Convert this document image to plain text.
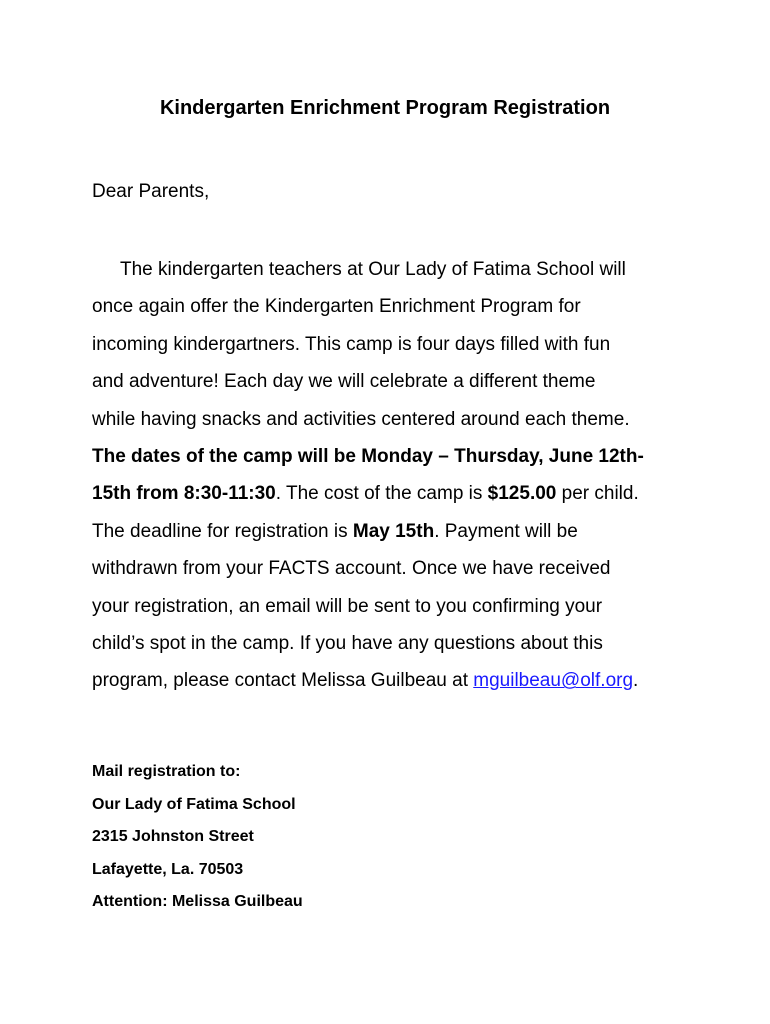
Kindergarten Enrichment Program Registration
Dear Parents,
The kindergarten teachers at Our Lady of Fatima School will
once again offer the Kindergarten Enrichment Program for
incoming kindergartners. This camp is four days filled with fun
and adventure! Each day we will celebrate a different theme
while having snacks and activities centered around each theme.
The dates of the camp will be Monday – Thursday, June 12th-
15th from 8:30-11:30. The cost of the camp is $125.00 per child.
The deadline for registration is May 15th. Payment will be
withdrawn from your FACTS account. Once we have received
your registration, an email will be sent to you confirming your
child’s spot in the camp. If you have any questions about this
program, please contact Melissa Guilbeau at mguilbeau@olf.org.
Mail registration to:
Our Lady of Fatima School
2315 Johnston Street
Lafayette, La. 70503
Attention: Melissa Guilbeau
